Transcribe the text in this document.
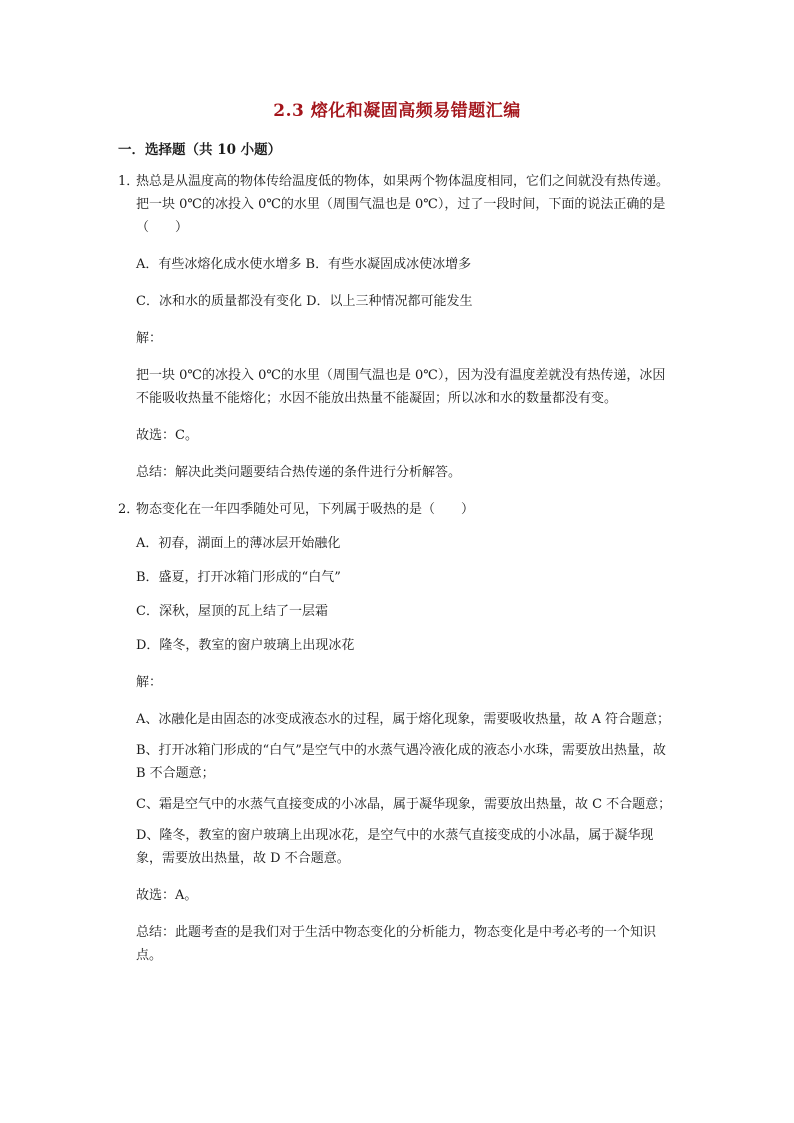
2.3 熔化和凝固高频易错题汇编
一．选择题（共 10 小题）

1．热总是从温度高的物体传给温度低的物体，如果两个物体温度相同，它们之间就没有热传递。把一块 0℃的冰投入 0℃的水里（周围气温也是 0℃），过了一段时间，下面的说法正确的是（　　）

A．有些冰熔化成水使水增多 B．有些水凝固成冰使冰增多

C．冰和水的质量都没有变化 D．以上三种情况都可能发生

解：

把一块 0℃的冰投入 0℃的水里（周围气温也是 0℃），因为没有温度差就没有热传递，冰因不能吸收热量不能熔化；水因不能放出热量不能凝固；所以冰和水的数量都没有变。

故选：C。

总结：解决此类问题要结合热传递的条件进行分析解答。

2．物态变化在一年四季随处可见，下列属于吸热的是（　　）

A．初春，湖面上的薄冰层开始融化

B．盛夏，打开冰箱门形成的“白气”

C．深秋，屋顶的瓦上结了一层霜

D．隆冬，教室的窗户玻璃上出现冰花

解：

A、冰融化是由固态的冰变成液态水的过程，属于熔化现象，需要吸收热量，故 A 符合题意；

B、打开冰箱门形成的“白气”是空气中的水蒸气遇冷液化成的液态小水珠，需要放出热量，故 B 不合题意；

C、霜是空气中的水蒸气直接变成的小冰晶，属于凝华现象，需要放出热量，故 C 不合题意；

D、隆冬，教室的窗户玻璃上出现冰花，是空气中的水蒸气直接变成的小冰晶，属于凝华现象，需要放出热量，故 D 不合题意。

故选：A。

总结：此题考查的是我们对于生活中物态变化的分析能力，物态变化是中考必考的一个知识点。
